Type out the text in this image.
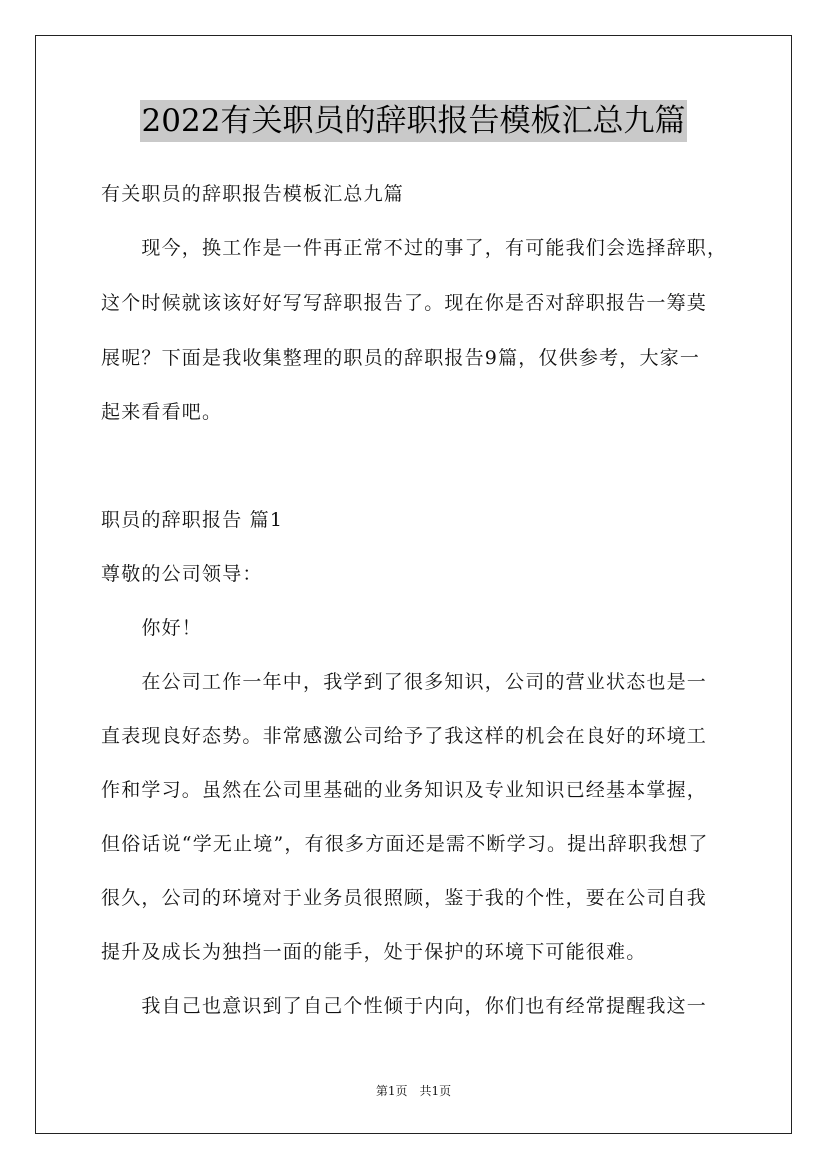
2022有关职员的辞职报告模板汇总九篇
有关职员的辞职报告模板汇总九篇
　　现今，换工作是一件再正常不过的事了，有可能我们会选择辞职，
这个时候就该该好好写写辞职报告了。现在你是否对辞职报告一筹莫
展呢？下面是我收集整理的职员的辞职报告9篇，仅供参考，大家一
起来看看吧。
职员的辞职报告 篇1
尊敬的公司领导：
　　你好！
　　在公司工作一年中，我学到了很多知识，公司的营业状态也是一
直表现良好态势。非常感激公司给予了我这样的机会在良好的环境工
作和学习。虽然在公司里基础的业务知识及专业知识已经基本掌握，
但俗话说“学无止境”，有很多方面还是需不断学习。提出辞职我想了
很久，公司的环境对于业务员很照顾，鉴于我的个性，要在公司自我
提升及成长为独挡一面的能手，处于保护的环境下可能很难。
　　我自己也意识到了自己个性倾于内向，你们也有经常提醒我这一
第1页　共1页
